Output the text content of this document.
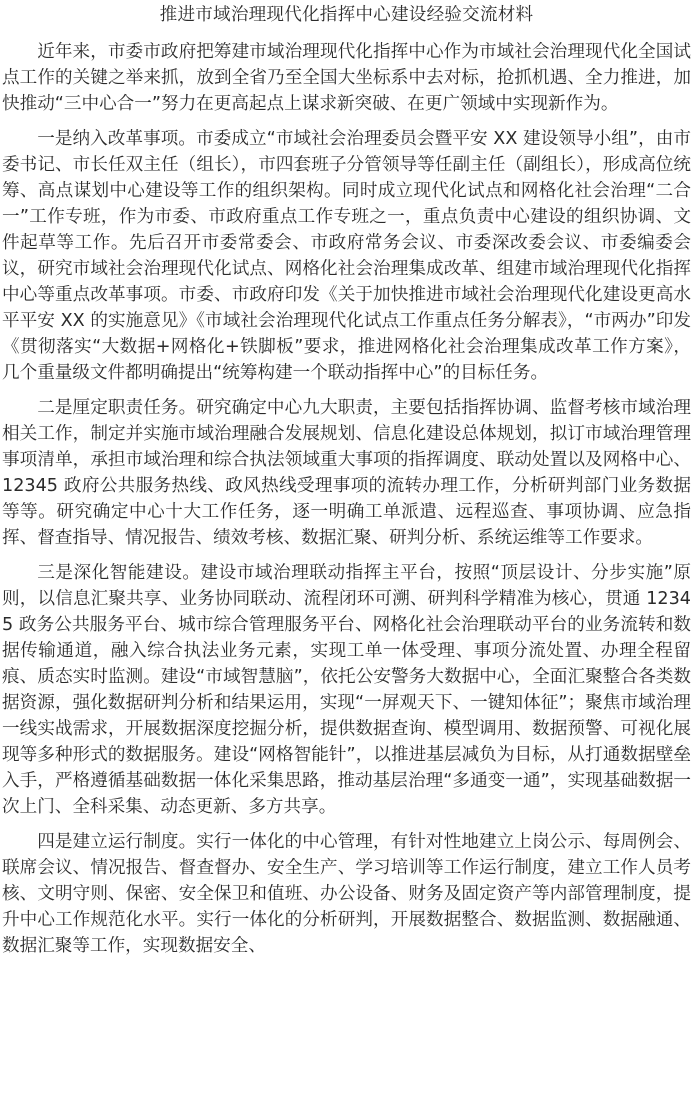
推进市域治理现代化指挥中心建设经验交流材料

近年来，市委市政府把筹建市域治理现代化指挥中心作为市域社会治理现代化全国试点工作的关键之举来抓，放到全省乃至全国大坐标系中去对标，抢抓机遇、全力推进，加快推动“三中心合一”努力在更高起点上谋求新突破、在更广领域中实现新作为。

一是纳入改革事项。市委成立“市域社会治理委员会暨平安 XX 建设领导小组”，由市委书记、市长任双主任（组长），市四套班子分管领导等任副主任（副组长），形成高位统筹、高点谋划中心建设等工作的组织架构。同时成立现代化试点和网格化社会治理“二合一”工作专班，作为市委、市政府重点工作专班之一，重点负责中心建设的组织协调、文件起草等工作。先后召开市委常委会、市政府常务会议、市委深改委会议、市委编委会议，研究市域社会治理现代化试点、网格化社会治理集成改革、组建市域治理现代化指挥中心等重点改革事项。市委、市政府印发《关于加快推进市域社会治理现代化建设更高水平平安 XX 的实施意见》《市域社会治理现代化试点工作重点任务分解表》，“市两办”印发《贯彻落实“大数据+网格化+铁脚板”要求，推进网格化社会治理集成改革工作方案》，几个重量级文件都明确提出“统筹构建一个联动指挥中心”的目标任务。

二是厘定职责任务。研究确定中心九大职责，主要包括指挥协调、监督考核市域治理相关工作，制定并实施市域治理融合发展规划、信息化建设总体规划，拟订市域治理管理事项清单，承担市域治理和综合执法领域重大事项的指挥调度、联动处置以及网格中心、12345 政府公共服务热线、政风热线受理事项的流转办理工作，分析研判部门业务数据等等。研究确定中心十大工作任务，逐一明确工单派遣、远程巡查、事项协调、应急指挥、督查指导、情况报告、绩效考核、数据汇聚、研判分析、系统运维等工作要求。

三是深化智能建设。建设市域治理联动指挥主平台，按照“顶层设计、分步实施”原则，以信息汇聚共享、业务协同联动、流程闭环可溯、研判科学精准为核心，贯通 12345 政务公共服务平台、城市综合管理服务平台、网格化社会治理联动平台的业务流转和数据传输通道，融入综合执法业务元素，实现工单一体受理、事项分流处置、办理全程留痕、质态实时监测。建设“市域智慧脑”，依托公安警务大数据中心，全面汇聚整合各类数据资源，强化数据研判分析和结果运用，实现“一屏观天下、一键知体征”；聚焦市域治理一线实战需求，开展数据深度挖掘分析，提供数据查询、模型调用、数据预警、可视化展现等多种形式的数据服务。建设“网格智能针”，以推进基层减负为目标，从打通数据壁垒入手，严格遵循基础数据一体化采集思路，推动基层治理“多通变一通”，实现基础数据一次上门、全科采集、动态更新、多方共享。

四是建立运行制度。实行一体化的中心管理，有针对性地建立上岗公示、每周例会、联席会议、情况报告、督查督办、安全生产、学习培训等工作运行制度，建立工作人员考核、文明守则、保密、安全保卫和值班、办公设备、财务及固定资产等内部管理制度，提升中心工作规范化水平。实行一体化的分析研判，开展数据整合、数据监测、数据融通、数据汇聚等工作，实现数据安全、
